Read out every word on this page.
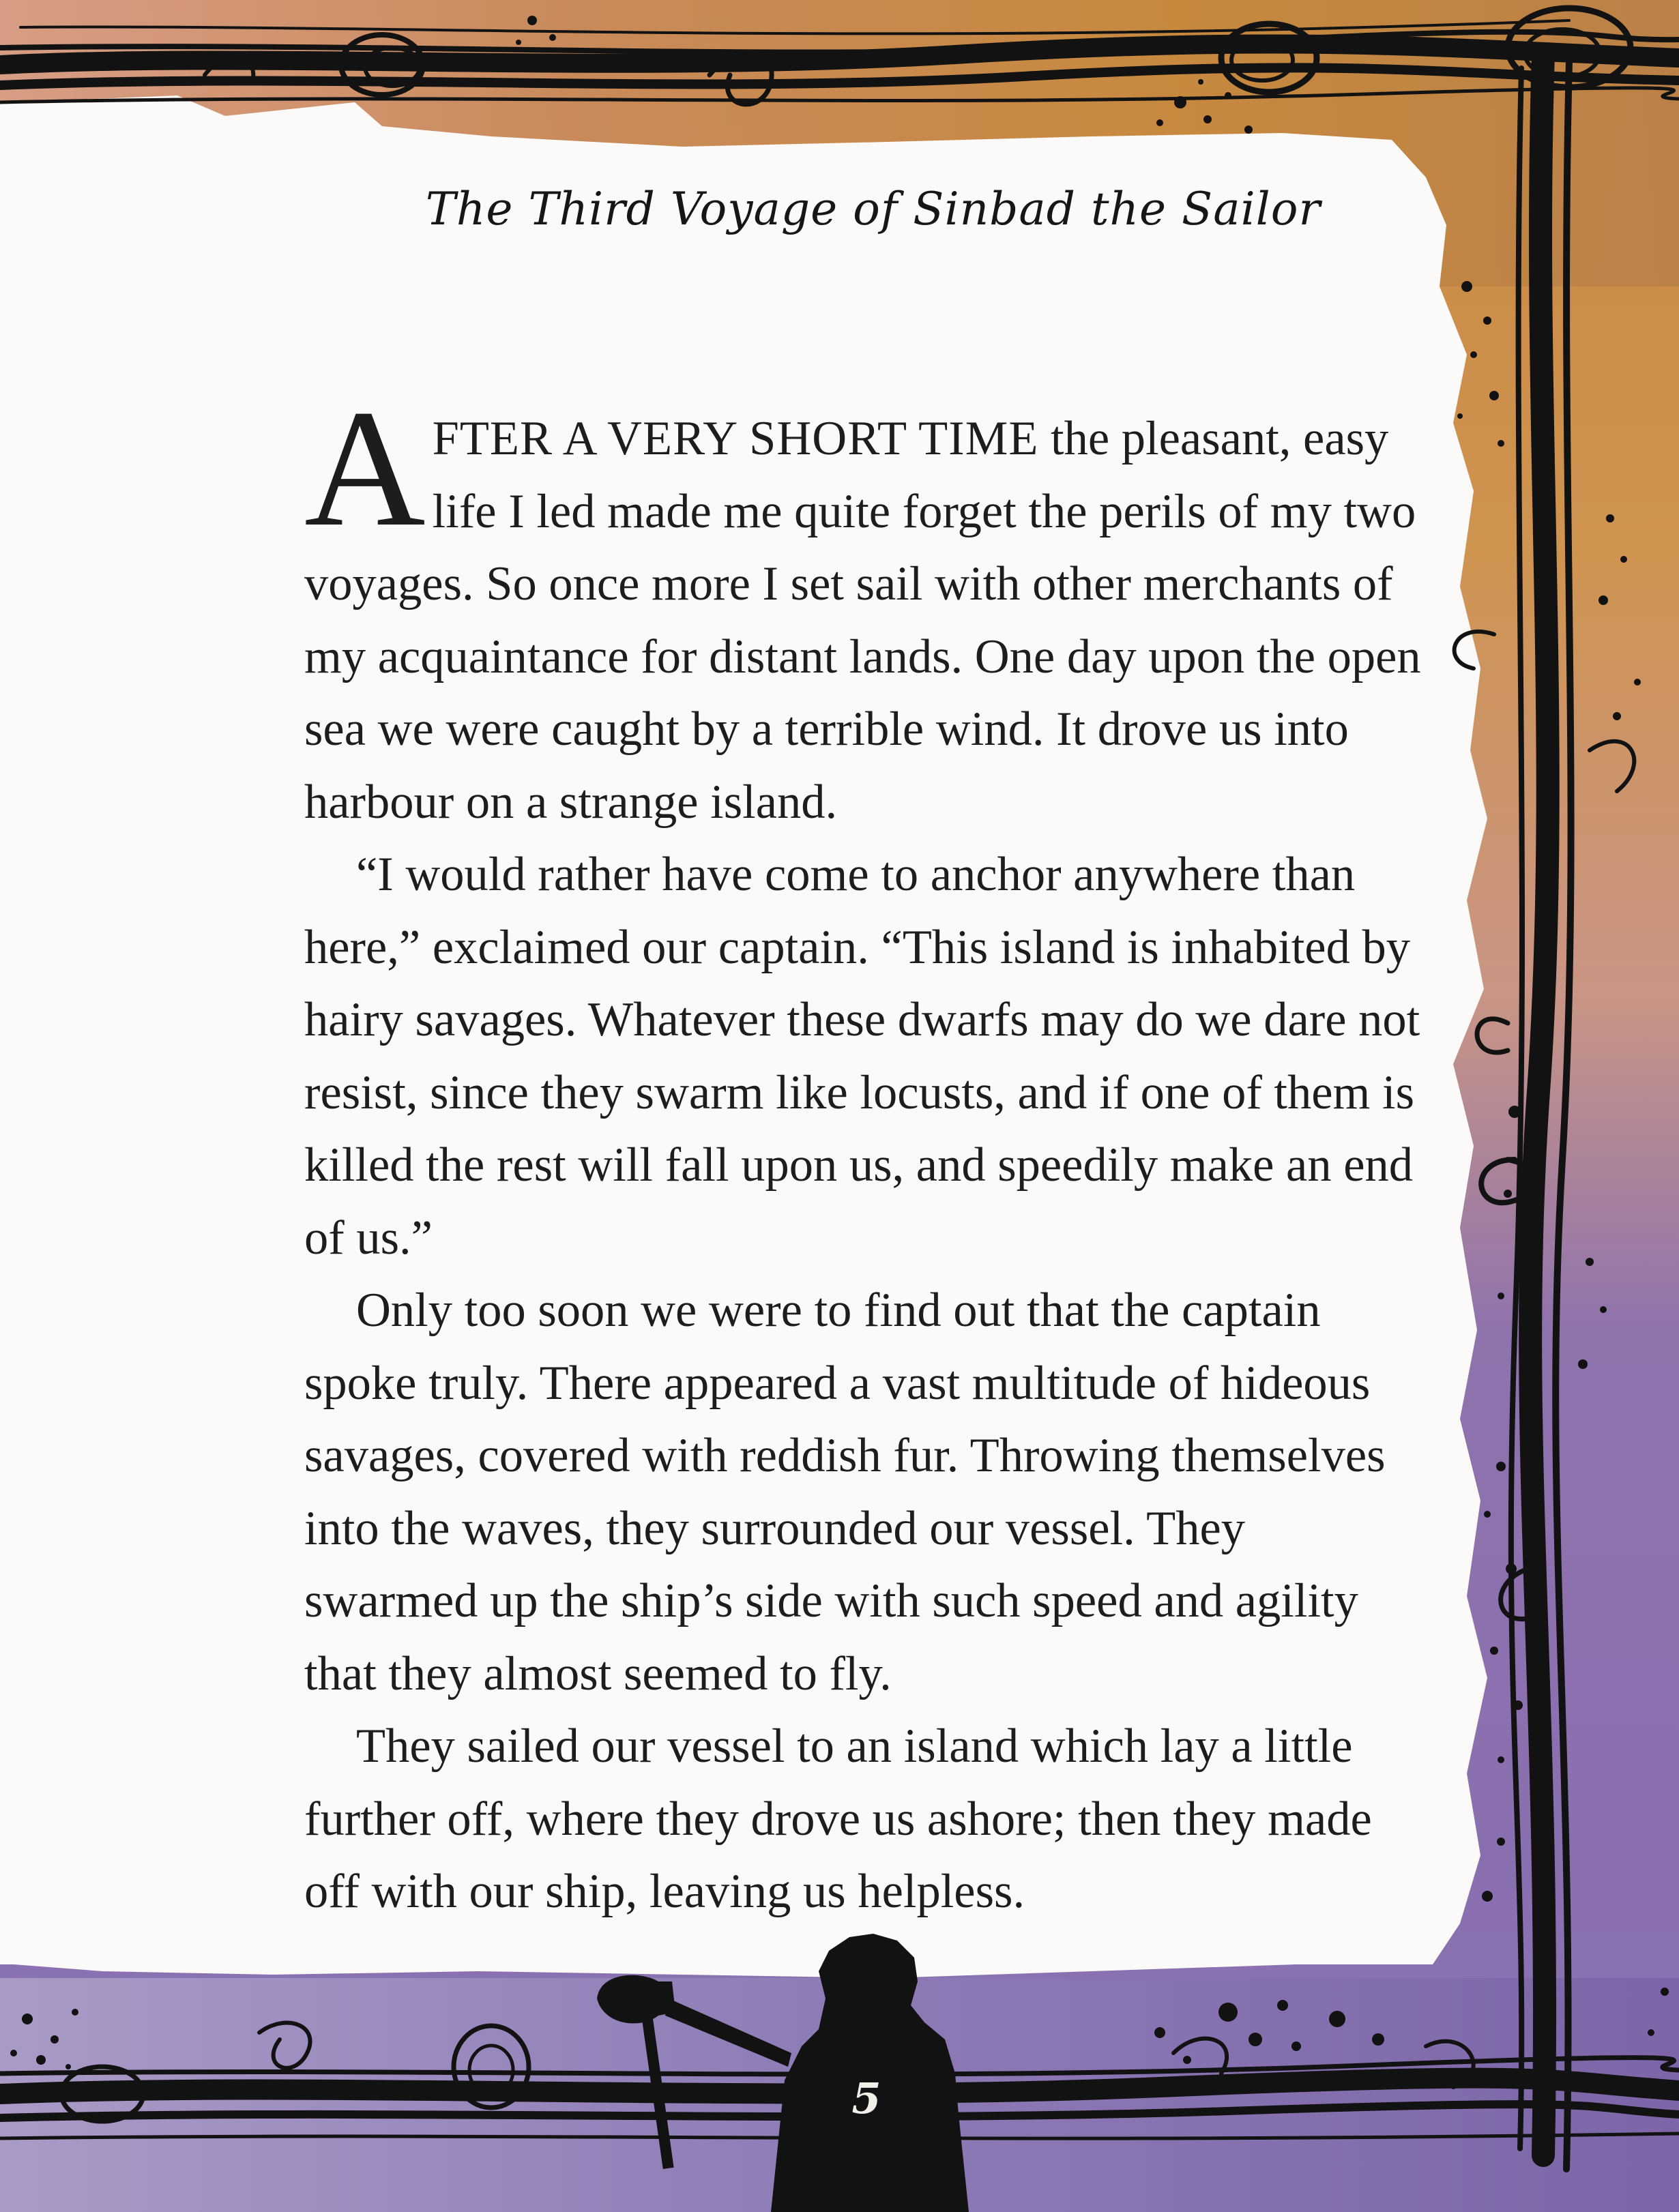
The Third Voyage of Sinbad the Sailor

AFTER A VERY SHORT TIME the pleasant, easy life I led made me quite forget the perils of my two voyages. So once more I set sail with other merchants of my acquaintance for distant lands. One day upon the open sea we were caught by a terrible wind. It drove us into harbour on a strange island.

“I would rather have come to anchor anywhere than here,” exclaimed our captain. “This island is inhabited by hairy savages. Whatever these dwarfs may do we dare not resist, since they swarm like locusts, and if one of them is killed the rest will fall upon us, and speedily make an end of us.”

Only too soon we were to find out that the captain spoke truly. There appeared a vast multitude of hideous savages, covered with reddish fur. Throwing themselves into the waves, they surrounded our vessel. They swarmed up the ship’s side with such speed and agility that they almost seemed to fly.

They sailed our vessel to an island which lay a little further off, where they drove us ashore; then they made off with our ship, leaving us helpless.

5
